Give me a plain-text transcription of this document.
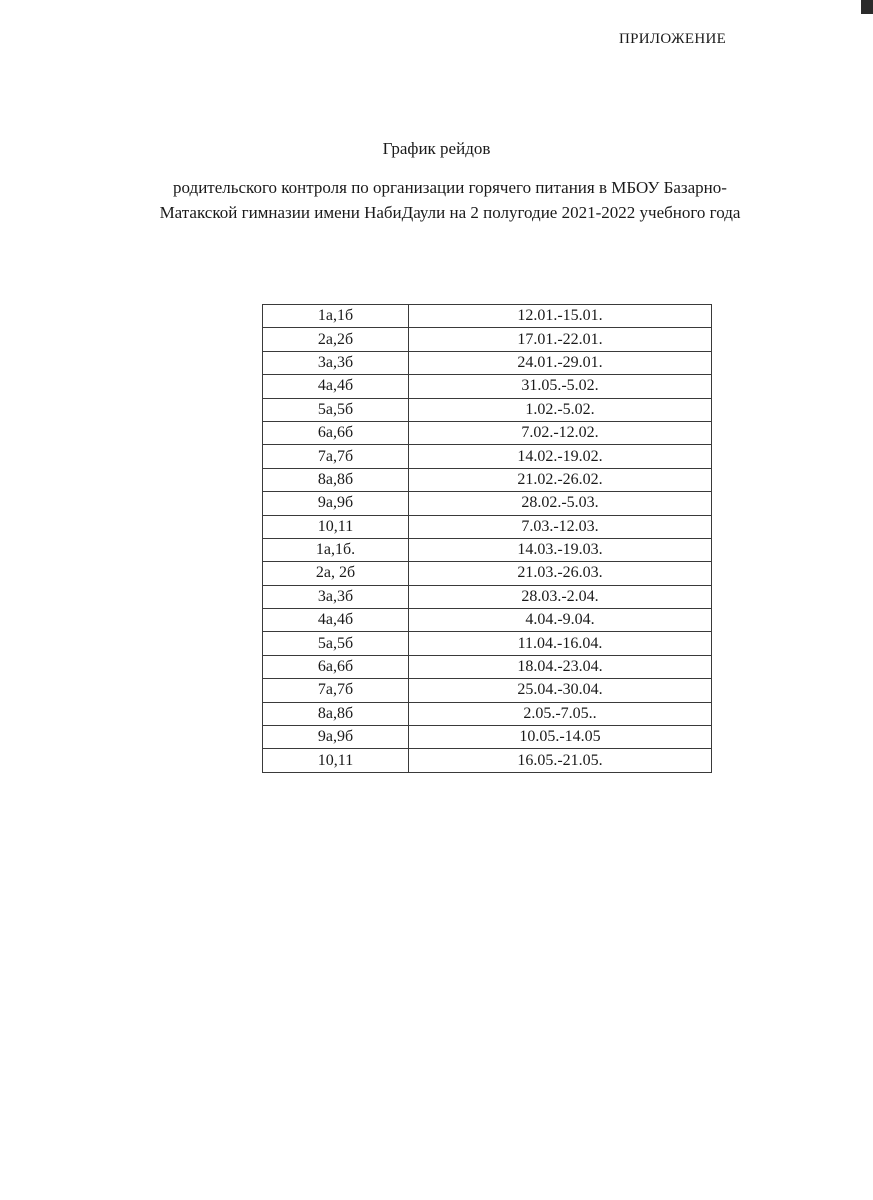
ПРИЛОЖЕНИЕ
График рейдов
родительского контроля по организации горячего питания в МБОУ Базарно-
Матакской гимназии имени НабиДаули на 2 полугодие 2021-2022 учебного года
1а,1б	12.01.-15.01.
2а,2б	17.01.-22.01.
3а,3б	24.01.-29.01.
4а,4б	31.05.-5.02.
5а,5б	1.02.-5.02.
6а,6б	7.02.-12.02.
7а,7б	14.02.-19.02.
8а,8б	21.02.-26.02.
9а,9б	28.02.-5.03.
10,11	7.03.-12.03.
1а,1б.	14.03.-19.03.
2а, 2б	21.03.-26.03.
3а,3б	28.03.-2.04.
4а,4б	4.04.-9.04.
5а,5б	11.04.-16.04.
6а,6б	18.04.-23.04.
7а,7б	25.04.-30.04.
8а,8б	2.05.-7.05..
9а,9б	10.05.-14.05
10,11	16.05.-21.05.
